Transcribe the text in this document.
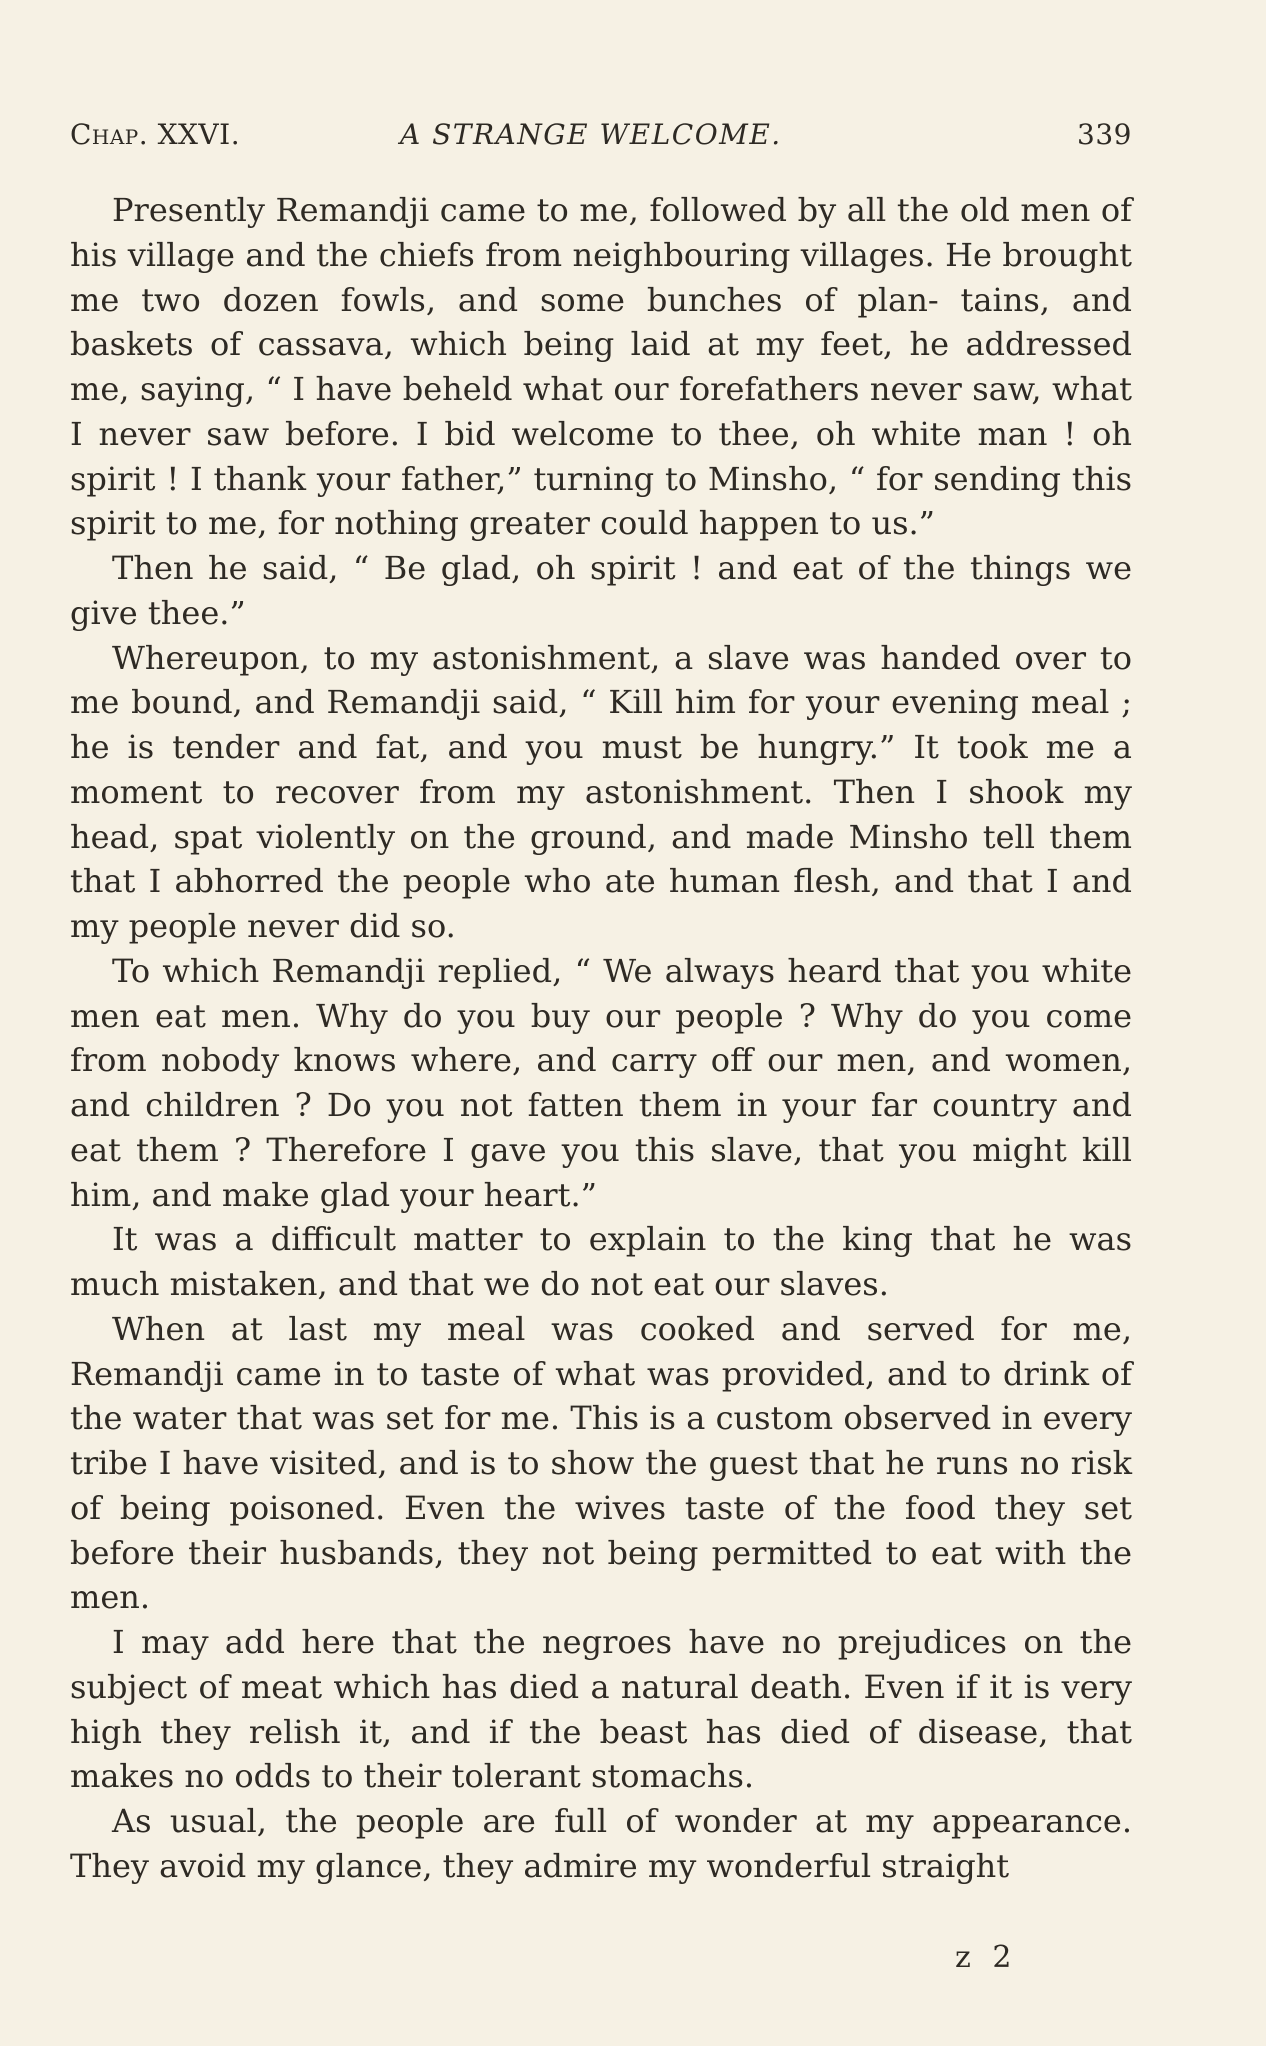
Chap. XXVI.	A STRANGE WELCOME.	339

Presently Remandji came to me, followed by all the old men of his village and the chiefs from neighbouring villages. He brought me two dozen fowls, and some bunches of plan- tains, and baskets of cassava, which being laid at my feet, he addressed me, saying, “ I have beheld what our forefathers never saw, what I never saw before. I bid welcome to thee, oh white man ! oh spirit ! I thank your father,” turning to Minsho, “ for sending this spirit to me, for nothing greater could happen to us.”

Then he said, “ Be glad, oh spirit ! and eat of the things we give thee.”

Whereupon, to my astonishment, a slave was handed over to me bound, and Remandji said, “ Kill him for your evening meal ; he is tender and fat, and you must be hungry.” It took me a moment to recover from my astonishment. Then I shook my head, spat violently on the ground, and made Minsho tell them that I abhorred the people who ate human flesh, and that I and my people never did so.

To which Remandji replied, “ We always heard that you white men eat men. Why do you buy our people ? Why do you come from nobody knows where, and carry off our men, and women, and children ? Do you not fatten them in your far country and eat them ? Therefore I gave you this slave, that you might kill him, and make glad your heart.”

It was a difficult matter to explain to the king that he was much mistaken, and that we do not eat our slaves.

When at last my meal was cooked and served for me, Remandji came in to taste of what was provided, and to drink of the water that was set for me. This is a custom observed in every tribe I have visited, and is to show the guest that he runs no risk of being poisoned. Even the wives taste of the food they set before their husbands, they not being permitted to eat with the men.

I may add here that the negroes have no prejudices on the subject of meat which has died a natural death. Even if it is very high they relish it, and if the beast has died of disease, that makes no odds to their tolerant stomachs.

As usual, the people are full of wonder at my appearance. They avoid my glance, they admire my wonderful straight

z 2
